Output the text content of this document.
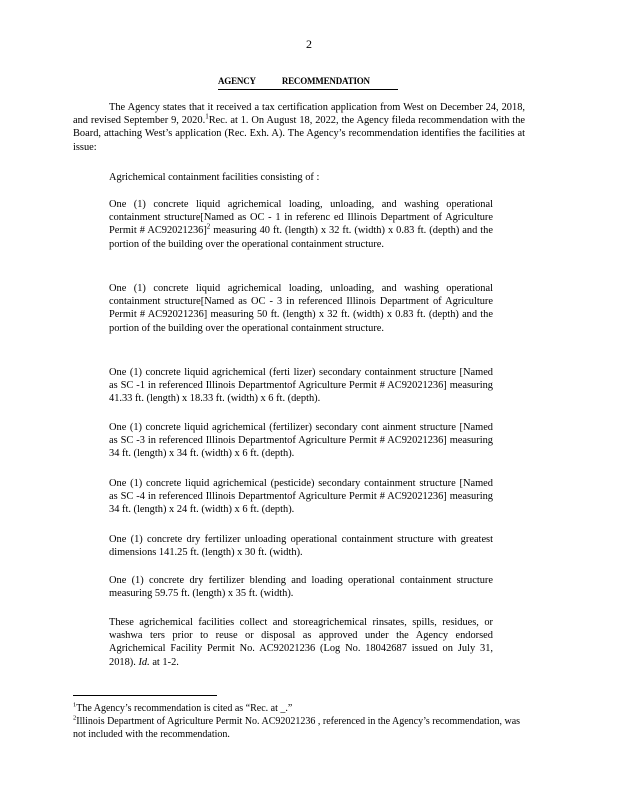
2
AGENCY	RECOMMENDATION
The Agency states that it received a tax certification application from West on December 24, 2018, and revised September 9, 2020.$^1$Rec. at 1. On August 18, 2022, the Agency fileda recommendation with the Board, attaching West’s application (Rec. Exh. A). The Agency’s recommendation identifies the facilities at issue:
Agrichemical containment facilities consisting of :
One (1) concrete liquid agrichemical loading, unloading, and washing operational containment structure[Named as OC - 1 in referenc ed Illinois Department of Agriculture Permit # AC92021236]$^2$ measuring 40 ft. (length) x 32 ft. (width) x 0.83 ft. (depth) and the portion of the building over the operational containment structure.
One (1) concrete liquid agrichemical loading, unloading, and washing operational containment structure[Named as OC - 3 in referenced Illinois Department of Agriculture Permit # AC92021236] measuring 50 ft. (length) x 32 ft. (width) x 0.83 ft. (depth) and the portion of the building over the operational containment structure.
One (1) concrete liquid agrichemical (ferti lizer) secondary containment structure [Named as SC -1 in referenced Illinois Departmentof Agriculture Permit # AC92021236] measuring 41.33 ft. (length) x 18.33 ft. (width) x 6 ft. (depth).
One (1) concrete liquid agrichemical (fertilizer) secondary cont ainment structure [Named as SC -3 in referenced Illinois Departmentof Agriculture Permit # AC92021236] measuring 34 ft. (length) x 34 ft. (width) x 6 ft. (depth).
One (1) concrete liquid agrichemical (pesticide) secondary containment structure [Named as SC -4 in referenced Illinois Departmentof Agriculture Permit # AC92021236] measuring 34 ft. (length) x 24 ft. (width) x 6 ft. (depth).
One (1) concrete dry fertilizer unloading operational containment structure with greatest dimensions 141.25 ft. (length) x 30 ft. (width).
One (1) concrete dry fertilizer blending and loading operational containment structure measuring 59.75 ft. (length) x 35 ft. (width).
These agrichemical facilities collect and storeagrichemical rinsates, spills, residues, or washwa ters prior to reuse or disposal as approved under the Agency endorsed Agrichemical Facility Permit No. AC92021236 (Log No. 18042687 issued on July 31, 2018). Id. at 1-2.
$^1$The Agency’s recommendation is cited as “Rec. at _.”
$^2$Illinois Department of Agriculture Permit No. AC92021236 , referenced in the Agency’s recommendation, was not included with the recommendation.
